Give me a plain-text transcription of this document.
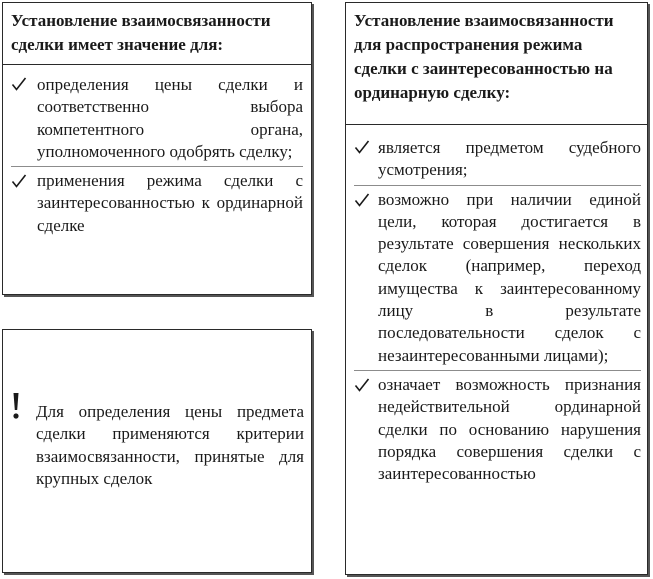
Установление взаимосвязанности сделки имеет значение для:
определения цены сделки и соответственно выбора компетентного органа, уполномоченного одобрять сделку;
применения режима сделки с заинтересованностью к ординарной сделке
Для определения цены предмета сделки применяются критерии взаимосвязанности, принятые для крупных сделок
Установление взаимосвязанности для распространения режима сделки с заинтересованностью на ординарную сделку:
является предметом судебного усмотрения;
возможно при наличии единой цели, которая достигается в результате совершения нескольких сделок (например, переход имущества к заинтересованному лицу в результате последовательности сделок с незаинтересованными лицами);
означает возможность признания недействительной ординарной сделки по основанию нарушения порядка совершения сделки с заинтересованностью
